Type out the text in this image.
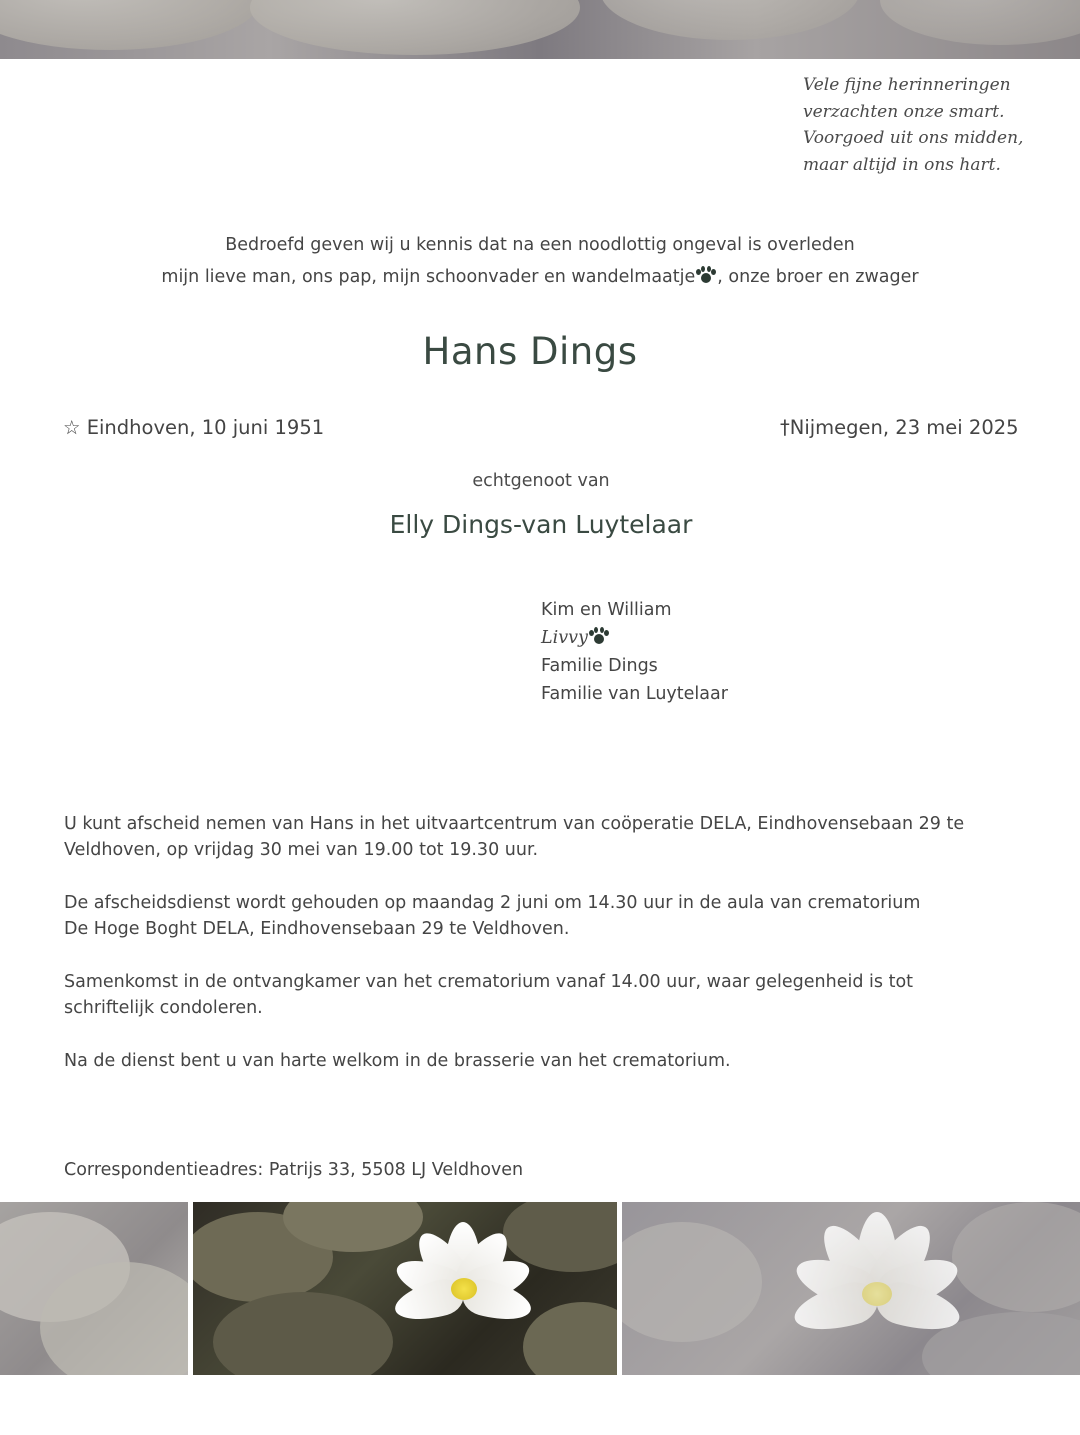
Vele fijne herinneringen
verzachten onze smart.
Voorgoed uit ons midden,
maar altijd in ons hart.
Bedroefd geven wij u kennis dat na een noodlottig ongeval is overleden
mijn lieve man, ons pap, mijn schoonvader en wandelmaatje , onze broer en zwager
Hans Dings
☆ Eindhoven, 10 juni 1951	†Nijmegen, 23 mei 2025
echtgenoot van
Elly Dings-van Luytelaar
Kim en William
Livvy
Familie Dings
Familie van Luytelaar
U kunt afscheid nemen van Hans in het uitvaartcentrum van coöperatie DELA, Eindhovensebaan 29 te
Veldhoven, op vrijdag 30 mei van 19.00 tot 19.30 uur.
De afscheidsdienst wordt gehouden op maandag 2 juni om 14.30 uur in de aula van crematorium
De Hoge Boght DELA, Eindhovensebaan 29 te Veldhoven.
Samenkomst in de ontvangkamer van het crematorium vanaf 14.00 uur, waar gelegenheid is tot
schriftelijk condoleren.
Na de dienst bent u van harte welkom in de brasserie van het crematorium.
Correspondentieadres: Patrijs 33, 5508 LJ Veldhoven
